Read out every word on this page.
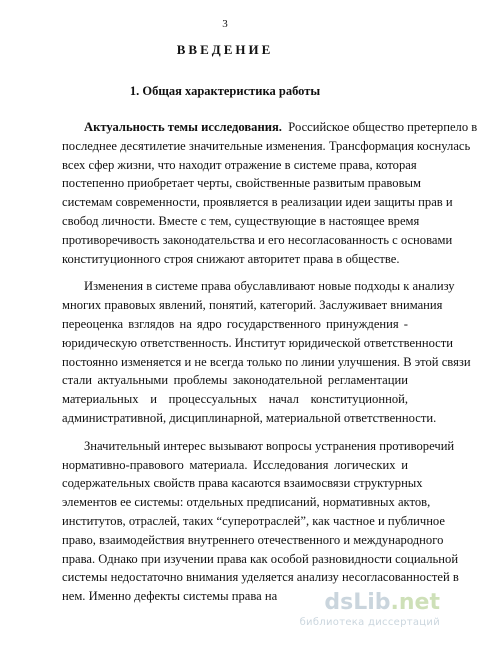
3
ВВЕДЕНИЕ
1. Общая характеристика работы
Актуальность темы исследования. Российское общество претерпело в
последнее десятилетие значительные изменения. Трансформация коснулась
всех сфер жизни, что находит отражение в системе права, которая
постепенно приобретает черты, свойственные развитым правовым
системам современности, проявляется в реализации идеи защиты прав и
свобод личности. Вместе с тем, существующие в настоящее время
противоречивость законодательства и его несогласованность с основами
конституционного строя снижают авторитет права в обществе.
Изменения в системе права обуславливают новые подходы к анализу
многих правовых явлений, понятий, категорий. Заслуживает внимания
переоценка взглядов на ядро государственного принуждения -
юридическую ответственность. Институт юридической ответственности
постоянно изменяется и не всегда только по линии улучшения. В этой связи
стали актуальными проблемы законодательной регламентации
материальных и процессуальных начал конституционной,
административной, дисциплинарной, материальной ответственности.
Значительный интерес вызывают вопросы устранения противоречий
нормативно-правового материала. Исследования логических и
содержательных свойств права касаются взаимосвязи структурных
элементов ее системы: отдельных предписаний, нормативных актов,
институтов, отраслей, таких “суперотраслей”, как частное и публичное
право, взаимодействия внутреннего отечественного и международного
права. Однако при изучении права как особой разновидности социальной
системы недостаточно внимания уделяется анализу несогласованностей в
нем. Именно дефекты системы права на	dsLib.net
библиотека диссертаций
